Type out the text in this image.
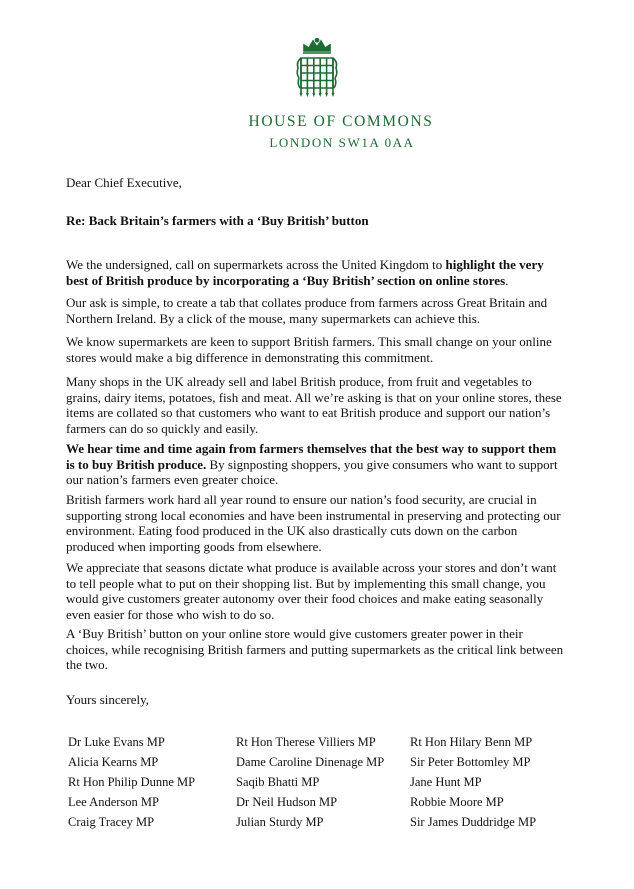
HOUSE OF COMMONS
LONDON SW1A 0AA
Dear Chief Executive,
Re: Back Britain’s farmers with a ‘Buy British’ button
We the undersigned, call on supermarkets across the United Kingdom to highlight the very best of British produce by incorporating a ‘Buy British’ section on online stores.
Our ask is simple, to create a tab that collates produce from farmers across Great Britain and Northern Ireland. By a click of the mouse, many supermarkets can achieve this.
We know supermarkets are keen to support British farmers. This small change on your online stores would make a big difference in demonstrating this commitment.
Many shops in the UK already sell and label British produce, from fruit and vegetables to grains, dairy items, potatoes, fish and meat. All we’re asking is that on your online stores, these items are collated so that customers who want to eat British produce and support our nation’s farmers can do so quickly and easily.
We hear time and time again from farmers themselves that the best way to support them is to buy British produce. By signposting shoppers, you give consumers who want to support our nation’s farmers even greater choice.
British farmers work hard all year round to ensure our nation’s food security, are crucial in supporting strong local economies and have been instrumental in preserving and protecting our environment. Eating food produced in the UK also drastically cuts down on the carbon produced when importing goods from elsewhere.
We appreciate that seasons dictate what produce is available across your stores and don’t want to tell people what to put on their shopping list. But by implementing this small change, you would give customers greater autonomy over their food choices and make eating seasonally even easier for those who wish to do so.
A ‘Buy British’ button on your online store would give customers greater power in their choices, while recognising British farmers and putting supermarkets as the critical link between the two.
Yours sincerely,
Dr Luke Evans MP
Alicia Kearns MP
Rt Hon Philip Dunne MP
Lee Anderson MP
Craig Tracey MP
Rt Hon Therese Villiers MP
Dame Caroline Dinenage MP
Saqib Bhatti MP
Dr Neil Hudson MP
Julian Sturdy MP
Rt Hon Hilary Benn MP
Sir Peter Bottomley MP
Jane Hunt MP
Robbie Moore MP
Sir James Duddridge MP
